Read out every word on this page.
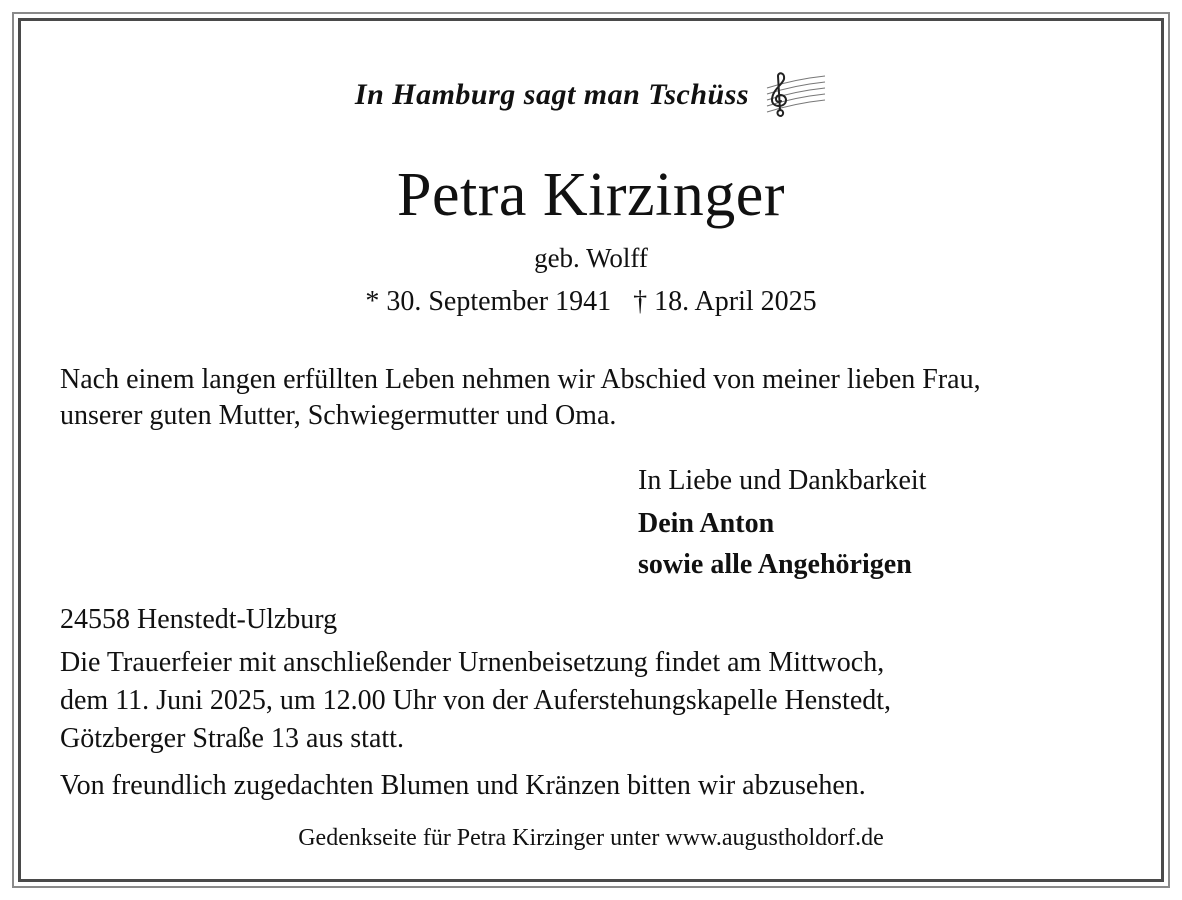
In Hamburg sagt man Tschüss
Petra Kirzinger
geb. Wolff
* 30. September 1941 † 18. April 2025
Nach einem langen erfüllten Leben nehmen wir Abschied von meiner lieben Frau,
unserer guten Mutter, Schwiegermutter und Oma.
In Liebe und Dankbarkeit
Dein Anton
sowie alle Angehörigen
24558 Henstedt-Ulzburg
Die Trauerfeier mit anschließender Urnenbeisetzung findet am Mittwoch,
dem 11. Juni 2025, um 12.00 Uhr von der Auferstehungskapelle Henstedt,
Götzberger Straße 13 aus statt.
Von freundlich zugedachten Blumen und Kränzen bitten wir abzusehen.
Gedenkseite für Petra Kirzinger unter www.augustholdorf.de
